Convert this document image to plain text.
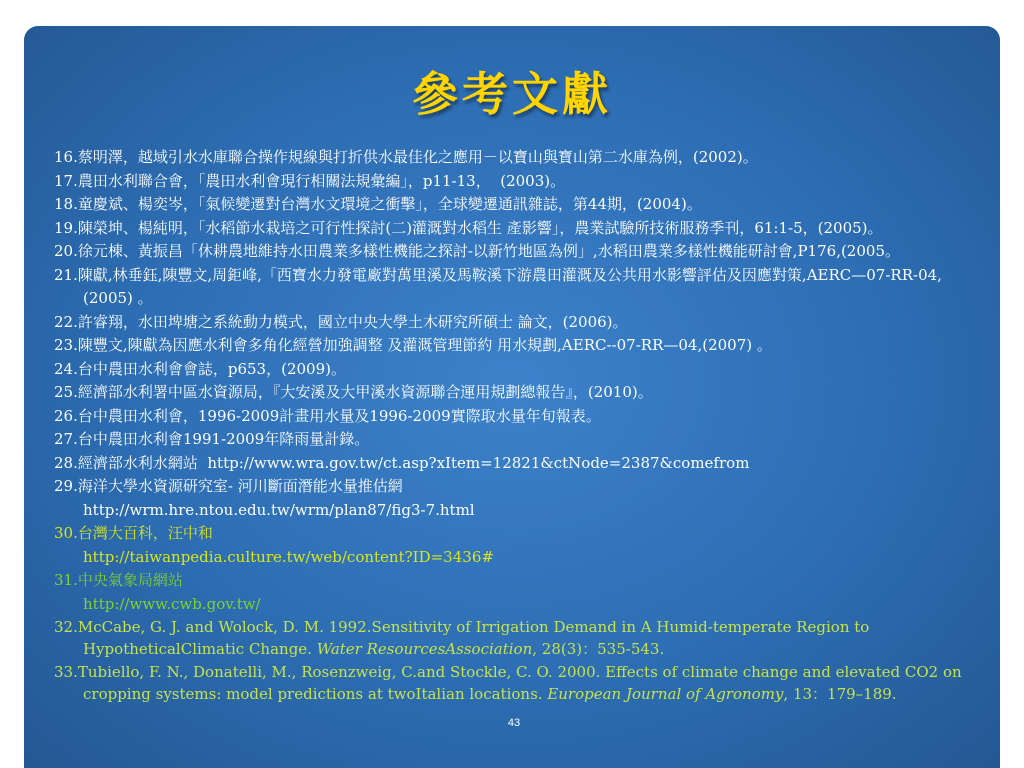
參考文獻
16.蔡明澤，越域引水水庫聯合操作規線與打折供水最佳化之應用－以寶山與寶山第二水庫為例，(2002)。
17.農田水利聯合會，「農田水利會現行相關法規彙編」，p11-13，  (2003)。
18.童慶斌、楊奕岑，「氣候變遷對台灣水文環境之衝擊」，全球變遷通訊雜誌，第44期，(2004)。
19.陳榮坤、楊純明，「水稻節水栽培之可行性探討(二)灌溉對水稻生 產影響」，農業試驗所技術服務季刊，61:1-5，(2005)。
20.徐元棟、黃振昌「休耕農地維持水田農業多樣性機能之探討-以新竹地區為例」,水稻田農業多樣性機能研討會,P176,(2005。
21.陳獻,林垂鈺,陳豐文,周鉅峰,「西寶水力發電廠對萬里溪及馬鞍溪下游農田灌溉及公共用水影響評估及因應對策,AERC—07-RR-04, (2005) 。
22.許睿翔，水田埤塘之系統動力模式，國立中央大學土木研究所碩士 論文，(2006)。
23.陳豐文,陳獻為因應水利會多角化經營加強調整 及灌溉管理節約 用水規劃,AERC--07-RR—04,(2007) 。
24.台中農田水利會會誌，p653，(2009)。
25.經濟部水利署中區水資源局，『大安溪及大甲溪水資源聯合運用規劃總報告』，(2010)。
26.台中農田水利會，1996-2009計畫用水量及1996-2009實際取水量年旬報表。
27.台中農田水利會1991-2009年降雨量計錄。
28.經濟部水利水網站  http://www.wra.gov.tw/ct.asp?xItem=12821&ctNode=2387&comefrom
29.海洋大學水資源研究室- 河川斷面潛能水量推估網
http://wrm.hre.ntou.edu.tw/wrm/plan87/fig3-7.html
30.台灣大百科，汪中和
http://taiwanpedia.culture.tw/web/content?ID=3436#
31.中央氣象局網站
http://www.cwb.gov.tw/
32.McCabe, G. J. and Wolock, D. M. 1992.Sensitivity of Irrigation Demand in A Humid-temperate Region to HypotheticalClimatic Change. Water ResourcesAssociation, 28(3)：535-543.
33.Tubiello, F. N., Donatelli, M., Rosenzweig, C.and Stockle, C. O. 2000. Effects of climate change and elevated CO2 on cropping systems: model predictions at twoItalian locations. European Journal of Agronomy, 13：179–189.
43
